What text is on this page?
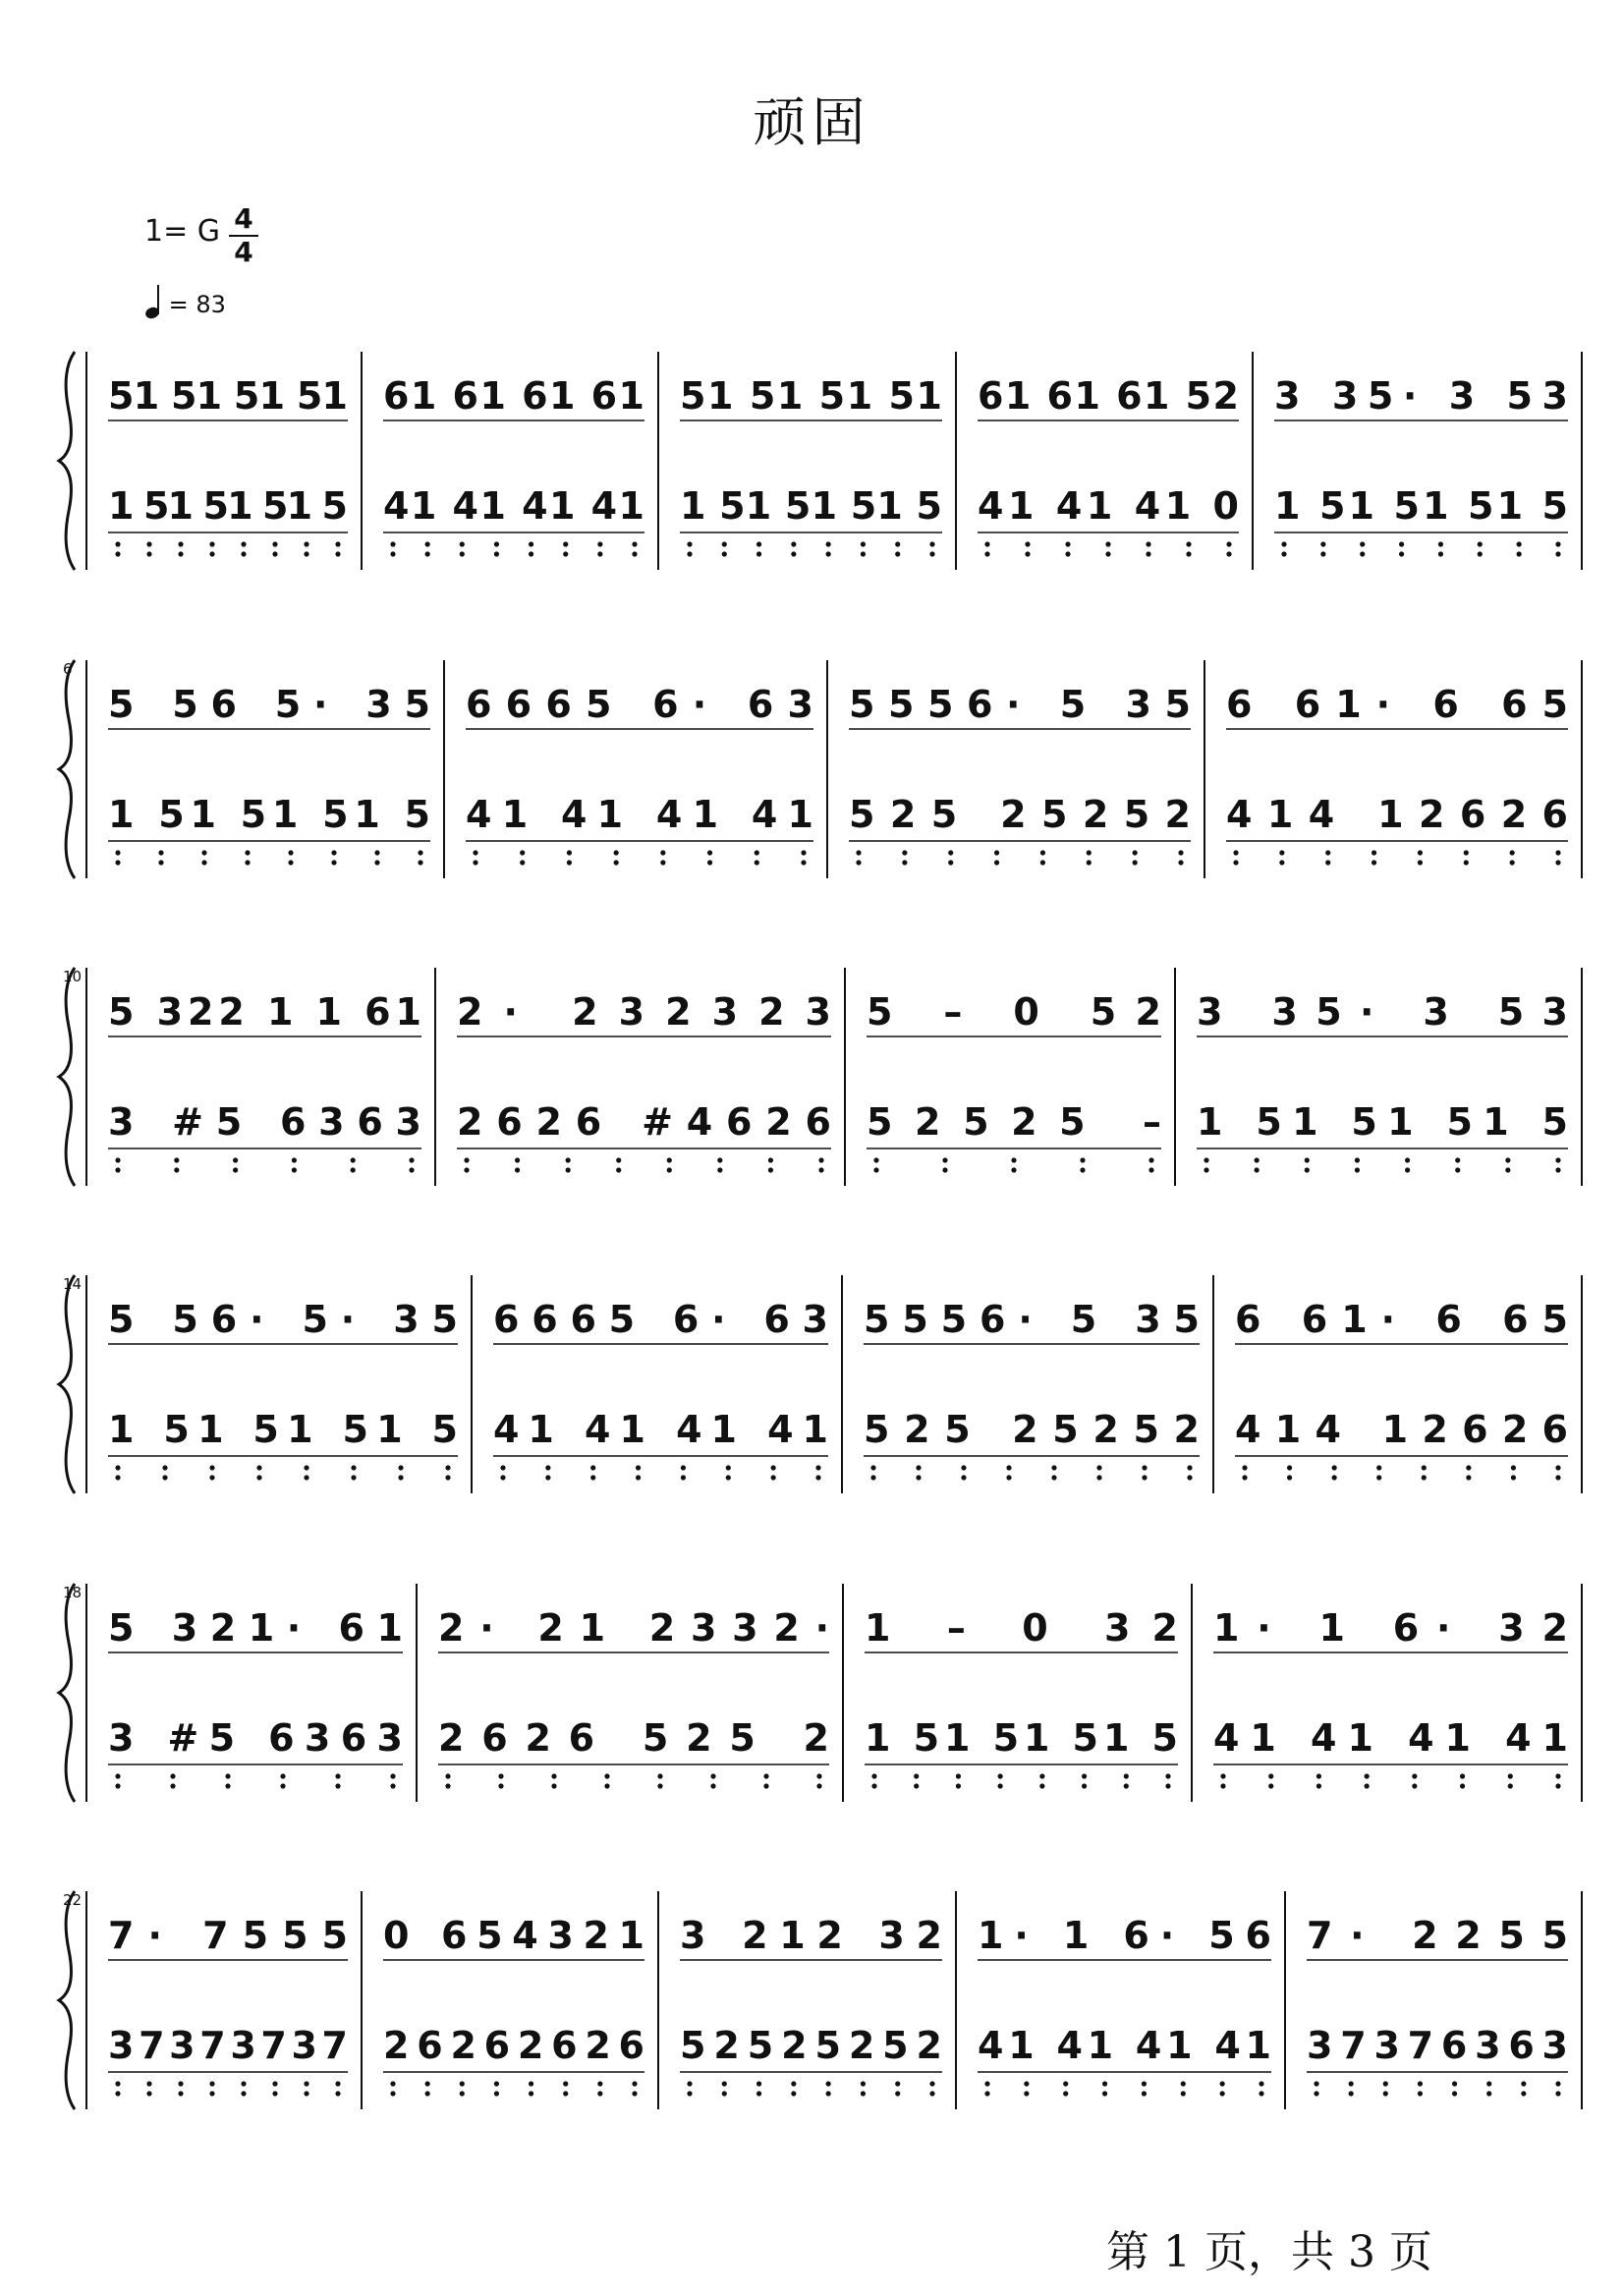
顽固
1= G 4
4
= 83
51 51 51 51
1 51 51 51 5
61 61 61 61
41 41 41 41
51 51 51 51
1 51 51 51 5
61 61 61 52
41 41 41 0
3 35· 3 53
1 51 51 51 5
6
5 56 5· 35
1 51 51 51 5
6665 6· 63
41 41 41 41
5556· 5 35
525 25252
6 61· 6 65
414 12626
10
5 322 1 1 61
3 #5 6363
2· 232323
2626 #4626
5 – 0 52
52525 –
3 35· 3 53
1 51 51 51 5
14
5 56· 5· 35
1 51 51 51 5
6665 6· 63
41 41 41 41
5556· 5 35
525 25252
6 61· 6 65
414 12626
18
5 321· 61
3 #5 6363
2· 21 2332·
2626 525 2
1 – 0 32
1 51 51 51 5
1· 1 6· 32
41 41 41 41
22
7· 7555
37373737
0 654321
26262626
3 212 32
52525252
1· 1 6· 56
41 41 41 41
7· 2255
37376363
第 1 页，共 3 页
